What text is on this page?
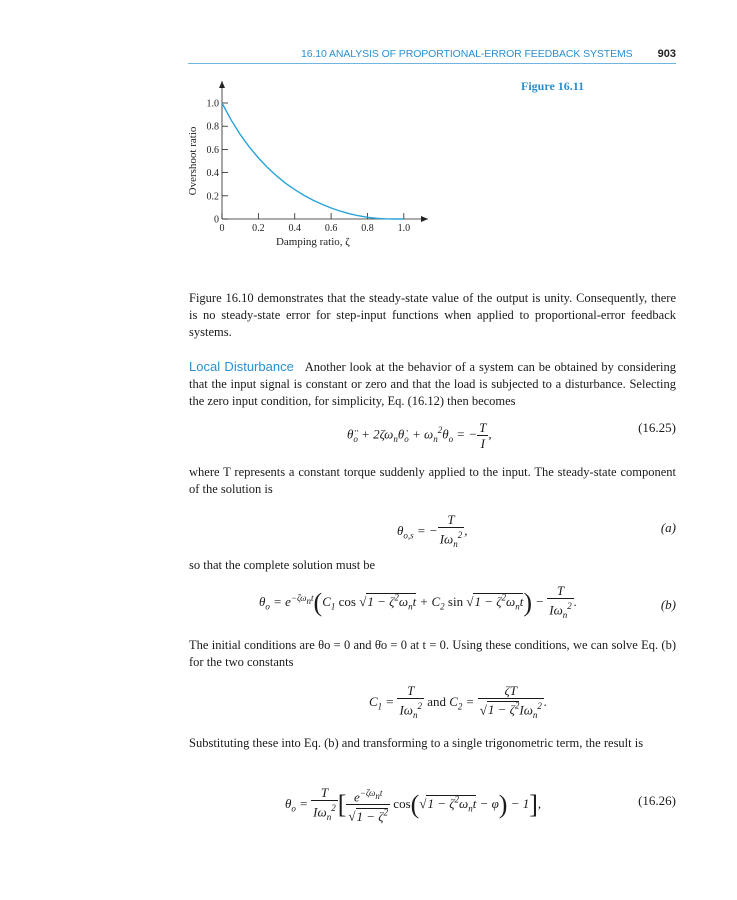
16.10 ANALYSIS OF PROPORTIONAL-ERROR FEEDBACK SYSTEMS 903
Figure 16.11
0
0.2
0.4
0.6
0.8
1.0
0	0.2 0.4 0.6 0.8 1.0
Damping ratio, ζ
Overshoot ratio

Figure 16.10 demonstrates that the steady-state value of the output is unity. Consequently, there is no steady-state error for step-input functions when applied to proportional-error feedback systems.

Local Disturbance Another look at the behavior of a system can be obtained by considering that the input signal is constant or zero and that the load is subjected to a disturbance. Selecting the zero input condition, for simplicity, Eq. (16.12) then becomes

$\thetä_o$ + $2\zeta\omega_n\thetȧ_o + \omega_n^2\theta_o$ = − $\frac{T}{I}$ ,	(16.25)

where T represents a constant torque suddenly applied to the input. The steady-state component of the solution is

$\theta_{o,s}$ = − $\frac{T}{I\omega_n^2}$ ,	(a)

so that the complete solution must be

$\theta_o = e^{-\zeta\omega_nt}(C_1$ $\cos √1 - \zeta^2\omega_nt + C_2$ $\sin √1 - \zeta^2\omega_nt) - \frac{T}{I\omega_n^2}$ .	(b)

The initial conditions are θo = 0 and θ̇o = 0 at t = 0. Using these conditions, we can solve Eq. (b) for the two constants

$C_1 = \frac{T}{I\omega_n^2}$ and $C_2 = \frac{\zeta T}{√1 - \zeta^2I\omega_n^2}$ .

Substituting these into Eq. (b) and transforming to a single trigonometric term, the result is

$\theta_o = \frac{T}{I\omega_n^2}$ [ $\frac{e^{-\zeta\omega_nt}}{√1 - \zeta^2} \cos(√1 - \zeta^2\omega_nt - \varphi) - 1$],	(16.26)
